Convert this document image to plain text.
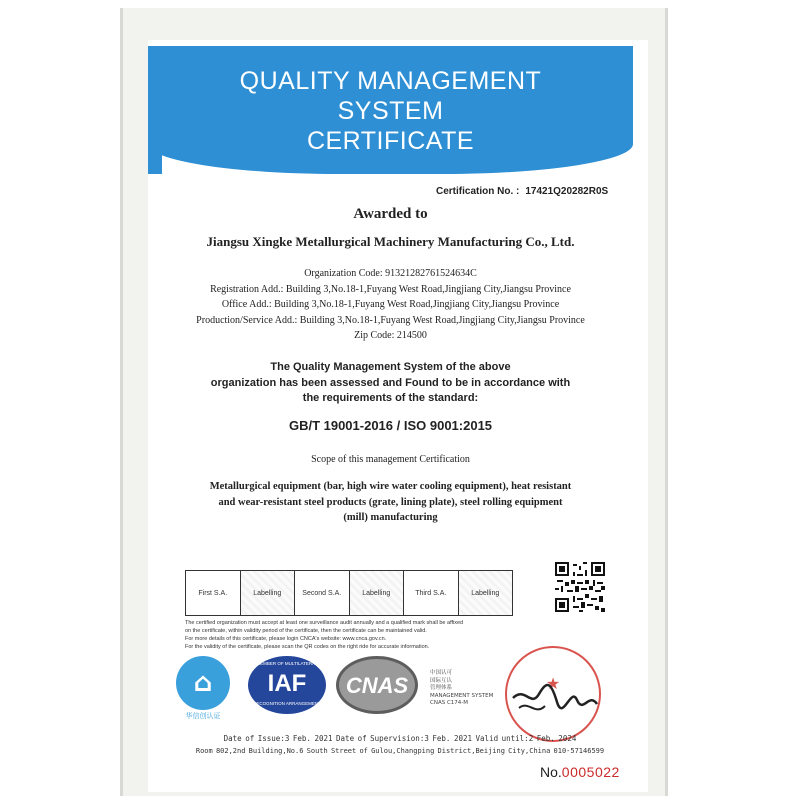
QUALITY MANAGEMENT
SYSTEM
CERTIFICATE
Certification No. : 17421Q20282R0S
Awarded to
Jiangsu Xingke Metallurgical Machinery Manufacturing Co., Ltd.
Organization Code: 91321282761524634C
Registration Add.: Building 3,No.18-1,Fuyang West Road,Jingjiang City,Jiangsu Province
Office Add.: Building 3,No.18-1,Fuyang West Road,Jingjiang City,Jiangsu Province
Production/Service Add.: Building 3,No.18-1,Fuyang West Road,Jingjiang City,Jiangsu Province
Zip Code: 214500
The Quality Management System of the above
organization has been assessed and Found to be in accordance with
the requirements of the standard:
GB/T 19001-2016 / ISO 9001:2015
Scope of this management Certification
Metallurgical equipment (bar, high wire water cooling equipment), heat resistant
and wear-resistant steel products (grate, lining plate), steel rolling equipment
(mill) manufacturing
First S.A.	Labelling	Second S.A.	Labelling	Third S.A.	Labelling
The certified organization must accept at least one surveillance audit annually and a qualified mark shall be affixed
on the certificate, within validity period of the certificate, then the certificate can be maintained valid.
For more details of this certificate, please login CNCA's website: www.cnca.gov.cn.
For the validity of the certificate, please scan the QR codes on the right ride for accurate information.
⌂
华信创认证
MEMBER OF MULTILATERAL
IAF
RECOGNITION ARRANGEMENT
CNAS	中国认可
国际互认
管理体系
MANAGEMENT SYSTEM
CNAS C174-M
★
Date of Issue:3 Feb. 2021 Date of Supervision:3 Feb. 2021 Valid until:2 Feb. 2024
Room 802,2nd Building,No.6 South Street of Gulou,Changping District,Beijing City,China 010-57146599
No.0005022
